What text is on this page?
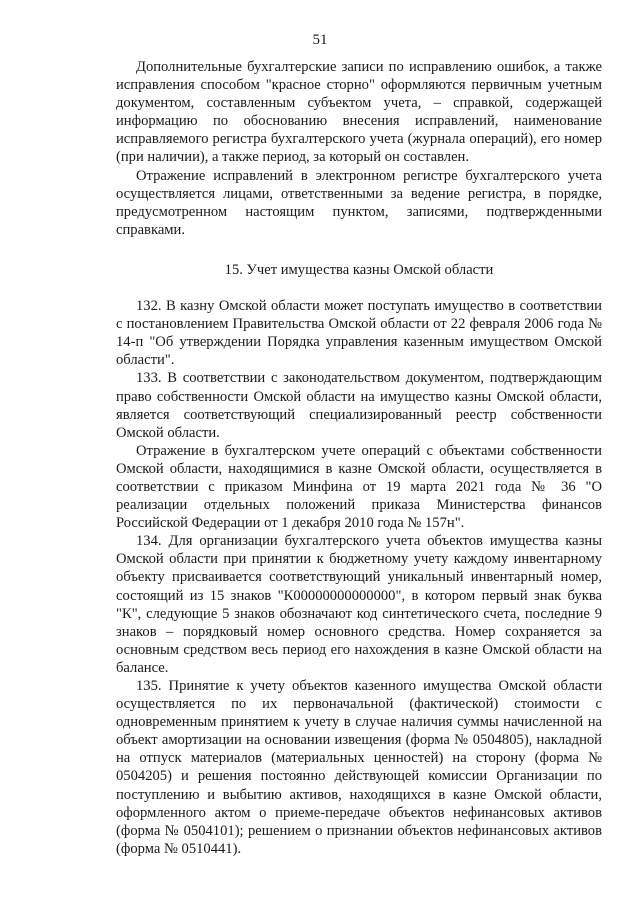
51

Дополнительные бухгалтерские записи по исправлению ошибок, а также исправления способом "красное сторно" оформляются первичным учетным документом, составленным субъектом учета, – справкой, содержащей информацию по обоснованию внесения исправлений, наименование исправляемого регистра бухгалтерского учета (журнала операций), его номер (при наличии), а также период, за который он составлен.

Отражение исправлений в электронном регистре бухгалтерского учета осуществляется лицами, ответственными за ведение регистра, в порядке, предусмотренном настоящим пунктом, записями, подтвержденными справками.

15. Учет имущества казны Омской области

132. В казну Омской области может поступать имущество в соответствии с постановлением Правительства Омской области от 22 февраля 2006 года № 14-п "Об утверждении Порядка управления казенным имуществом Омской области".

133. В соответствии с законодательством документом, подтверждающим право собственности Омской области на имущество казны Омской области, является соответствующий специализированный реестр собственности Омской области.

Отражение в бухгалтерском учете операций с объектами собственности Омской области, находящимися в казне Омской области, осуществляется в соответствии с приказом Минфина от 19 марта 2021 года № 36 "О реализации отдельных положений приказа Министерства финансов Российской Федерации от 1 декабря 2010 года № 157н".

134. Для организации бухгалтерского учета объектов имущества казны Омской области при принятии к бюджетному учету каждому инвентарному объекту присваивается соответствующий уникальный инвентарный номер, состоящий из 15 знаков "К00000000000000", в котором первый знак буква "К", следующие 5 знаков обозначают код синтетического счета, последние 9 знаков – порядковый номер основного средства. Номер сохраняется за основным средством весь период его нахождения в казне Омской области на балансе.

135. Принятие к учету объектов казенного имущества Омской области осуществляется по их первоначальной (фактической) стоимости с одновременным принятием к учету в случае наличия суммы начисленной на объект амортизации на основании извещения (форма № 0504805), накладной на отпуск материалов (материальных ценностей) на сторону (форма № 0504205) и решения постоянно действующей комиссии Организации по поступлению и выбытию активов, находящихся в казне Омской области, оформленного актом о приеме-передаче объектов нефинансовых активов (форма № 0504101); решением о признании объектов нефинансовых активов (форма № 0510441).
